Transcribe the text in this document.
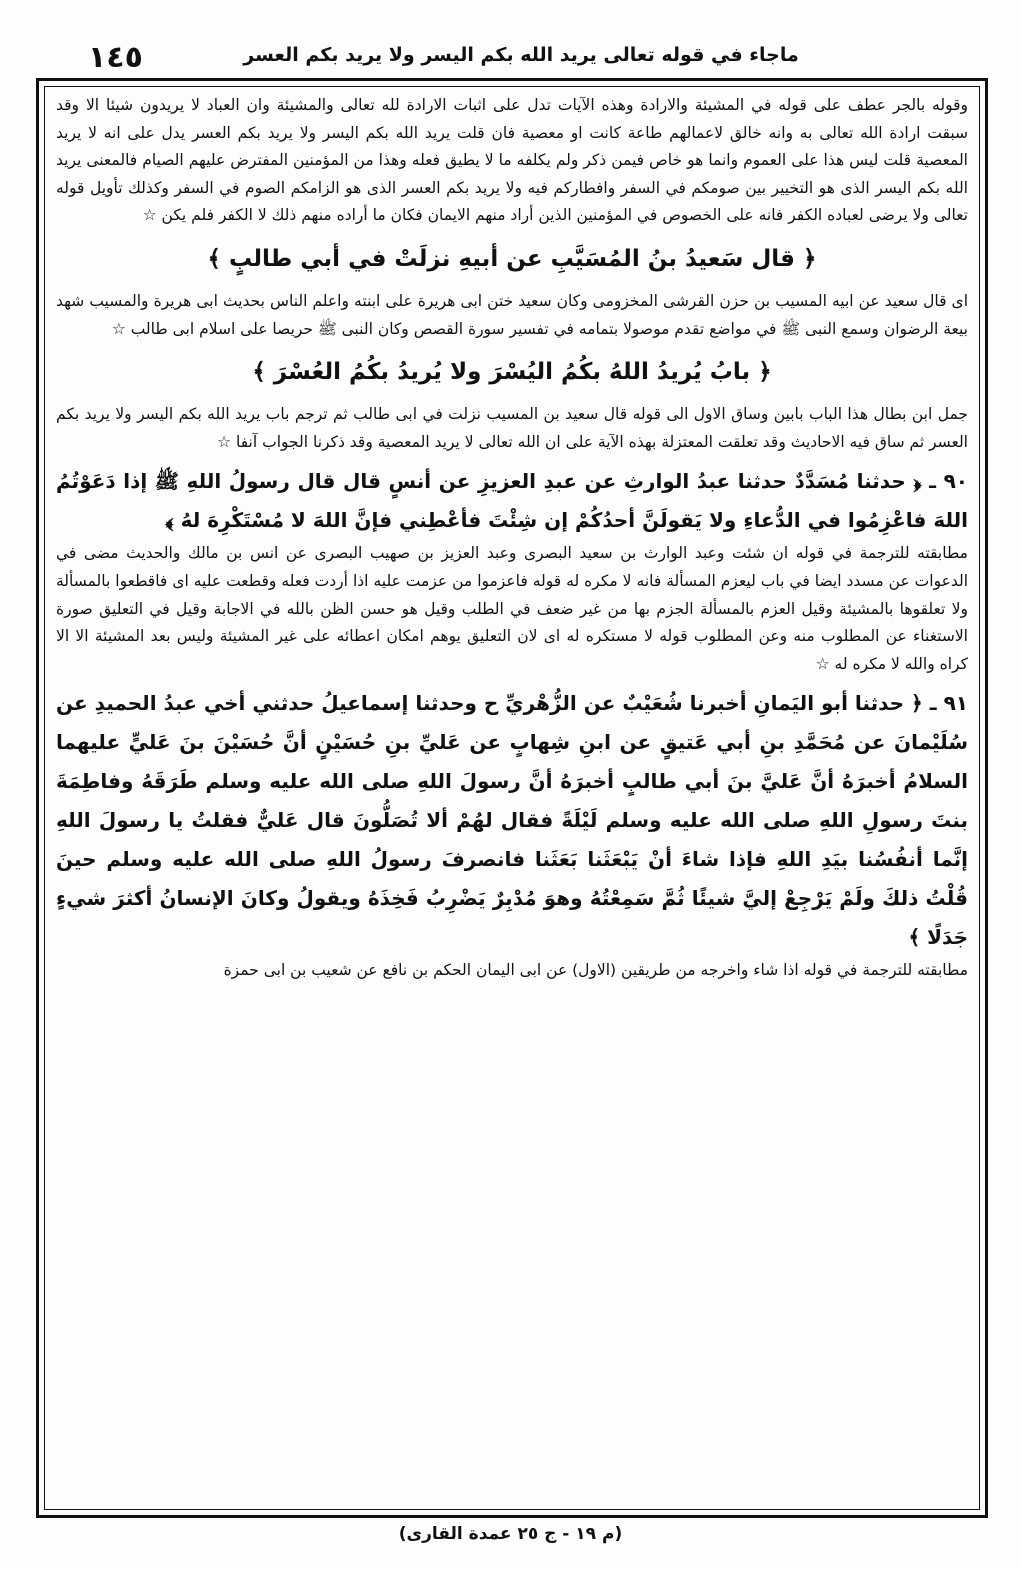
١٤٥	ماجاء في قوله تعالى يريد الله بكم اليسر ولا يريد بكم العسر

وقوله بالجر عطف على قوله في المشيئة والارادة وهذه الآيات تدل على اثبات الارادة لله تعالى والمشيئة وان العباد لا يريدون شيئا الا وقد سبقت ارادة الله تعالى به وانه خالق لاعمالهم طاعة كانت او معصية فان قلت يريد الله بكم اليسر ولا يريد بكم العسر يدل على انه لا يريد المعصية قلت ليس هذا على العموم وانما هو خاص فيمن ذكر ولم يكلفه ما لا يطيق فعله وهذا من المؤمنين المفترض عليهم الصيام فالمعنى يريد الله بكم اليسر الذى هو التخيير بين صومكم في السفر وافطاركم فيه ولا يريد بكم العسر الذى هو الزامكم الصوم في السفر وكذلك تأويل قوله تعالى ولا يرضى لعباده الكفر فانه على الخصوص في المؤمنين الذين أراد منهم الايمان فكان ما أراده منهم ذلك لا الكفر فلم يكن ☆

﴿ قال سَعيدُ بنُ المُسَيَّبِ عن أبيهِ نزلَتْ في أبي طالبٍ ﴾

اى قال سعيد عن ابيه المسيب بن حزن القرشى المخزومى وكان سعيد ختن ابى هريرة على ابنته واعلم الناس بحديث ابى هريرة والمسيب شهد بيعة الرضوان وسمع النبى ﷺ في مواضع تقدم موصولا بتمامه في تفسير سورة القصص وكان النبى ﷺ حريصا على اسلام ابى طالب ☆

﴿ بابُ يُريدُ اللهُ بكُمُ اليُسْرَ ولا يُريدُ بكُمُ العُسْرَ ﴾

جمل ابن بطال هذا الباب بابين وساق الاول الى قوله قال سعيد بن المسيب نزلت في ابى طالب ثم ترجم باب يريد الله بكم اليسر ولا يريد بكم العسر ثم ساق فيه الاحاديث وقد تعلقت المعتزلة بهذه الآية على ان الله تعالى لا يريد المعصية وقد ذكرنا الجواب آنفا ☆

٩٠ ـ ﴿ حدثنا مُسَدَّدٌ حدثنا عبدُ الوارثِ عن عبدِ العزيزِ عن أنسٍ قال قال رسولُ اللهِ ﷺ إذا دَعَوْتُمُ اللهَ فاعْزِمُوا في الدُّعاءِ ولا يَقولَنَّ أحدُكُمْ إن شِئْتَ فأعْطِني فإنَّ اللهَ لا مُسْتَكْرِهَ لهُ ﴾

مطابقته للترجمة في قوله ان شئت وعبد الوارث بن سعيد البصرى وعبد العزيز بن صهيب البصرى عن انس بن مالك والحديث مضى في الدعوات عن مسدد ايضا في باب ليعزم المسألة فانه لا مكره له قوله فاعزموا من عزمت عليه اذا أردت فعله وقطعت عليه اى فاقطعوا بالمسألة ولا تعلقوها بالمشيئة وقيل العزم بالمسألة الجزم بها من غير ضعف في الطلب وقيل هو حسن الظن بالله في الاجابة وقيل في التعليق صورة الاستغناء عن المطلوب منه وعن المطلوب قوله لا مستكره له اى لان التعليق يوهم امكان اعطائه على غير المشيئة وليس بعد المشيئة الا الا كراه والله لا مكره له ☆

٩١ ـ ﴿ حدثنا أبو اليَمانِ أخبرنا شُعَيْبٌ عن الزُّهْريِّ ح وحدثنا إسماعيلُ حدثني أخي عبدُ الحميدِ عن سُلَيْمانَ عن مُحَمَّدِ بنِ أبي عَتيقٍ عن ابنِ شِهابٍ عن عَليِّ بنِ حُسَيْنٍ أنَّ حُسَيْنَ بنَ عَليٍّ عليهما السلامُ أخبرَهُ أنَّ عَليَّ بنَ أبي طالبٍ أخبرَهُ أنَّ رسولَ اللهِ صلى الله عليه وسلم طَرَقَهُ وفاطِمَةَ بنتَ رسولِ اللهِ صلى الله عليه وسلم لَيْلَةً فقال لهُمْ ألا تُصَلُّونَ قال عَليٌّ فقلتُ يا رسولَ اللهِ إنَّما أنفُسُنا بيَدِ اللهِ فإذا شاءَ أنْ يَبْعَثَنا بَعَثَنا فانصرفَ رسولُ اللهِ صلى الله عليه وسلم حينَ قُلْتُ ذلكَ ولَمْ يَرْجِعْ إليَّ شيئًا ثُمَّ سَمِعْتُهُ وهوَ مُدْبِرٌ يَضْرِبُ فَخِذَهُ ويقولُ وكانَ الإنسانُ أكثرَ شيءٍ جَدَلًا ﴾

مطابقته للترجمة في قوله اذا شاء واخرجه من طريقين (الاول) عن ابى اليمان الحكم بن نافع عن شعيب بن ابى حمزة

(م ١٩ - ج ٢٥ عمدة القارى)
